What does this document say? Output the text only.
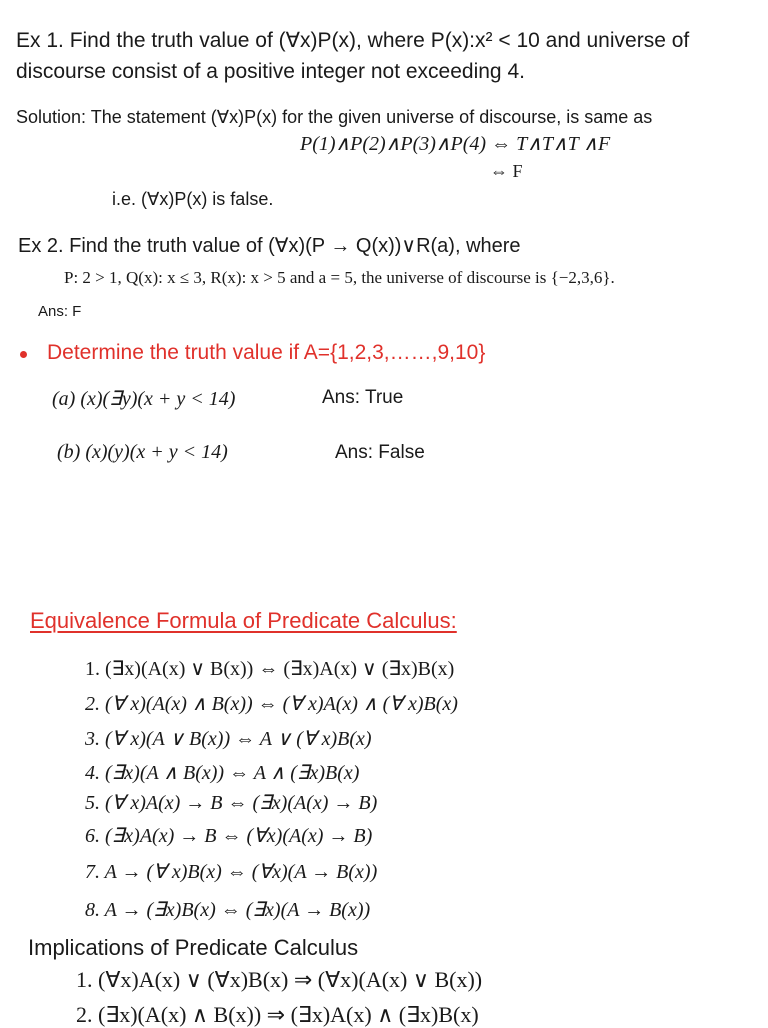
Ex 1. Find the truth value of (∀x)P(x), where P(x):x² < 10 and universe of
discourse consist of a positive integer not exceeding 4.
Solution: The statement (∀x)P(x) for the given universe of discourse, is same as
P(1)∧P(2)∧P(3)∧P(4) ⇔ T∧T∧T ∧F
⇔ F
i.e. (∀x)P(x) is false.
Ex 2. Find the truth value of (∀x)(P → Q(x))∨R(a), where
P: 2 > 1, Q(x): x ≤ 3, R(x): x > 5 and a = 5, the universe of discourse is {−2,3,6}.
Ans: F
Determine the truth value if A={1,2,3,……,9,10}
(a) (x)(∃y)(x + y < 14)	Ans: True
(b) (x)(y)(x + y < 14)	Ans: False
Equivalence Formula of Predicate Calculus:
1. (∃x)(A(x) ∨ B(x)) ⇔ (∃x)A(x) ∨ (∃x)B(x)
2. (∀ x)(A(x) ∧ B(x)) ⇔ (∀ x)A(x) ∧ (∀ x)B(x)
3. (∀ x)(A ∨ B(x)) ⇔ A ∨ (∀ x)B(x)
4. (∃x)(A ∧ B(x)) ⇔ A ∧ (∃x)B(x)
5. (∀ x)A(x) → B ⇔ (∃x)(A(x) → B)
6. (∃x)A(x) → B ⇔ (∀x)(A(x) → B)
7. A → (∀ x)B(x) ⇔ (∀x)(A → B(x))
8. A → (∃x)B(x) ⇔ (∃x)(A → B(x))
Implications of Predicate Calculus
1. (∀x)A(x) ∨ (∀x)B(x) ⇒ (∀x)(A(x) ∨ B(x))
2. (∃x)(A(x) ∧ B(x)) ⇒ (∃x)A(x) ∧ (∃x)B(x)
